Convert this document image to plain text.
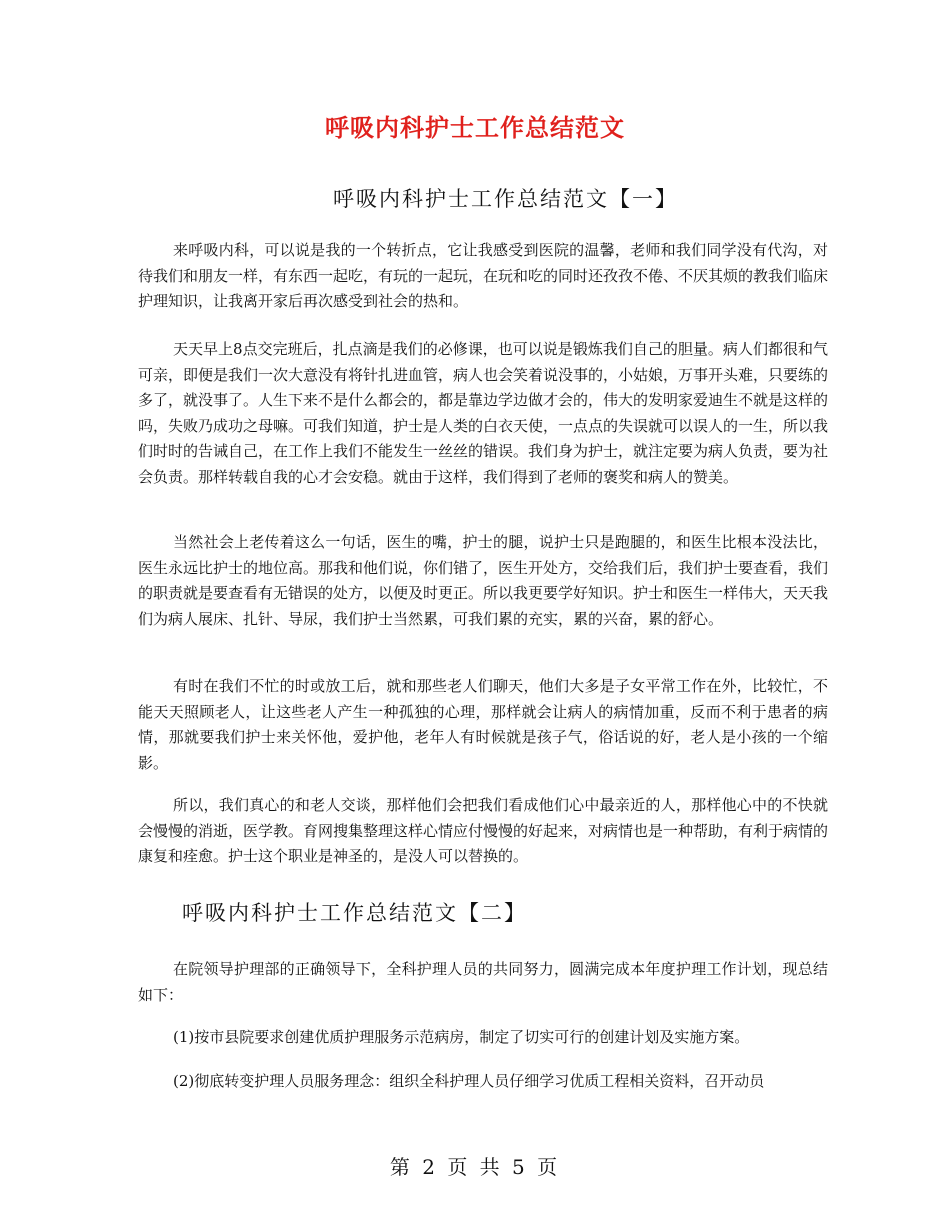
呼吸内科护士工作总结范文
呼吸内科护士工作总结范文【一】

来呼吸内科，可以说是我的一个转折点，它让我感受到医院的温馨，老师和我们同学没有代沟，对待我们和朋友一样，有东西一起吃，有玩的一起玩，在玩和吃的同时还孜孜不倦、不厌其烦的教我们临床护理知识，让我离开家后再次感受到社会的热和。

天天早上8点交完班后，扎点滴是我们的必修课，也可以说是锻炼我们自己的胆量。病人们都很和气可亲，即便是我们一次大意没有将针扎进血管，病人也会笑着说没事的，小姑娘，万事开头难，只要练的多了，就没事了。人生下来不是什么都会的，都是靠边学边做才会的，伟大的发明家爱迪生不就是这样的吗，失败乃成功之母嘛。可我们知道，护士是人类的白衣天使，一点点的失误就可以误人的一生，所以我们时时的告诫自己，在工作上我们不能发生一丝丝的错误。我们身为护士，就注定要为病人负责，要为社会负责。那样转载自我的心才会安稳。就由于这样，我们得到了老师的褒奖和病人的赞美。

当然社会上老传着这么一句话，医生的嘴，护士的腿，说护士只是跑腿的，和医生比根本没法比，医生永远比护士的地位高。那我和他们说，你们错了，医生开处方，交给我们后，我们护士要查看，我们的职责就是要查看有无错误的处方，以便及时更正。所以我更要学好知识。护士和医生一样伟大，天天我们为病人展床、扎针、导尿，我们护士当然累，可我们累的充实，累的兴奋，累的舒心。

有时在我们不忙的时或放工后，就和那些老人们聊天，他们大多是子女平常工作在外，比较忙，不能天天照顾老人，让这些老人产生一种孤独的心理，那样就会让病人的病情加重，反而不利于患者的病情，那就要我们护士来关怀他，爱护他，老年人有时候就是孩子气，俗话说的好，老人是小孩的一个缩影。

所以，我们真心的和老人交谈，那样他们会把我们看成他们心中最亲近的人，那样他心中的不快就会慢慢的消逝，医学教。育网搜集整理这样心情应付慢慢的好起来，对病情也是一种帮助，有利于病情的康复和痊愈。护士这个职业是神圣的，是没人可以替换的。

呼吸内科护士工作总结范文【二】

在院领导护理部的正确领导下，全科护理人员的共同努力，圆满完成本年度护理工作计划，现总结如下：

(1)按市县院要求创建优质护理服务示范病房，制定了切实可行的创建计划及实施方案。

(2)彻底转变护理人员服务理念：组织全科护理人员仔细学习优质工程相关资料，召开动员

第 2 页 共 5 页
